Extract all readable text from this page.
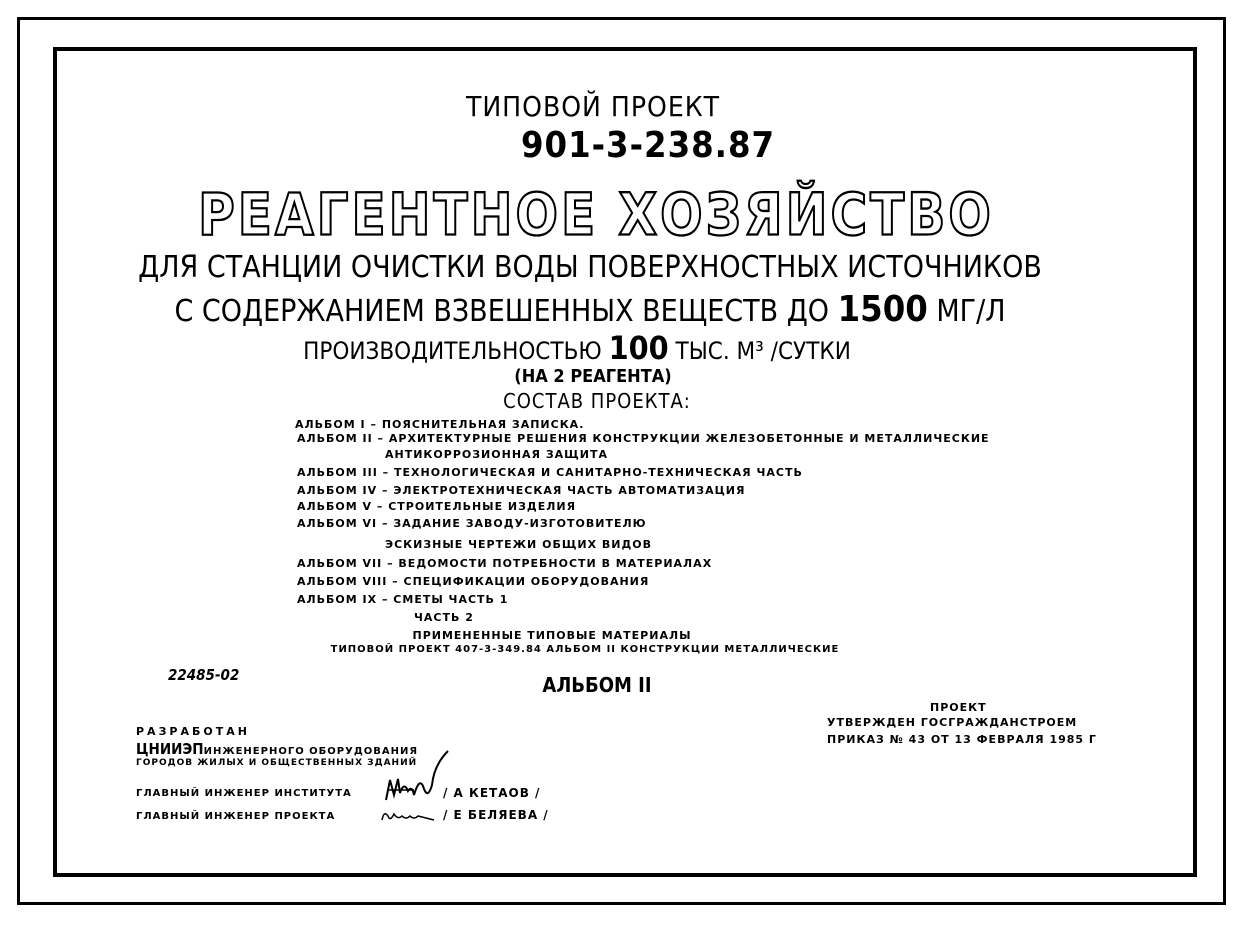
ТИПОВОЙ ПРОЕКТ
901-3-238.87
РЕАГЕНТНОЕ ХОЗЯЙСТВО
ДЛЯ СТАНЦИИ ОЧИСТКИ ВОДЫ ПОВЕРХНОСТНЫХ ИСТОЧНИКОВ
С СОДЕРЖАНИЕМ ВЗВЕШЕННЫХ ВЕЩЕСТВ ДО 1500 МГ/Л
ПРОИЗВОДИТЕЛЬНОСТЬЮ 100 ТЫС. М³ /СУТКИ
(НА 2 РЕАГЕНТА)
СОСТАВ ПРОЕКТА:
АЛЬБОМ I – ПОЯСНИТЕЛЬНАЯ ЗАПИСКА.
АЛЬБОМ II – АРХИТЕКТУРНЫЕ РЕШЕНИЯ КОНСТРУКЦИИ ЖЕЛЕЗОБЕТОННЫЕ И МЕТАЛЛИЧЕСКИЕ
АНТИКОРРОЗИОННАЯ ЗАЩИТА
АЛЬБОМ III – ТЕХНОЛОГИЧЕСКАЯ И САНИТАРНО-ТЕХНИЧЕСКАЯ ЧАСТЬ
АЛЬБОМ IV – ЭЛЕКТРОТЕХНИЧЕСКАЯ ЧАСТЬ АВТОМАТИЗАЦИЯ
АЛЬБОМ V – СТРОИТЕЛЬНЫЕ ИЗДЕЛИЯ
АЛЬБОМ VI – ЗАДАНИЕ ЗАВОДУ-ИЗГОТОВИТЕЛЮ
ЭСКИЗНЫЕ ЧЕРТЕЖИ ОБЩИХ ВИДОВ
АЛЬБОМ VII – ВЕДОМОСТИ ПОТРЕБНОСТИ В МАТЕРИАЛАХ
АЛЬБОМ VIII – СПЕЦИФИКАЦИИ ОБОРУДОВАНИЯ
АЛЬБОМ IX – СМЕТЫ ЧАСТЬ 1
ЧАСТЬ 2
ПРИМЕНЕННЫЕ ТИПОВЫЕ МАТЕРИАЛЫ
ТИПОВОЙ ПРОЕКТ 407-3-349.84 АЛЬБОМ II КОНСТРУКЦИИ МЕТАЛЛИЧЕСКИЕ
22485-02	АЛЬБОМ II
ПРОЕКТ
УТВЕРЖДЕН ГОСГРАЖДАНСТРОЕМ
ПРИКАЗ № 43 ОТ 13 ФЕВРАЛЯ 1985 Г
РАЗРАБОТАН
ЦНИИЭПИНЖЕНЕРНОГО ОБОРУДОВАНИЯ
ГОРОДОВ ЖИЛЫХ И ОБЩЕСТВЕННЫХ ЗДАНИЙ
ГЛАВНЫЙ ИНЖЕНЕР ИНСТИТУТА	/ А КЕТАОВ /
ГЛАВНЫЙ ИНЖЕНЕР ПРОЕКТА	/ Е БЕЛЯЕВА /
